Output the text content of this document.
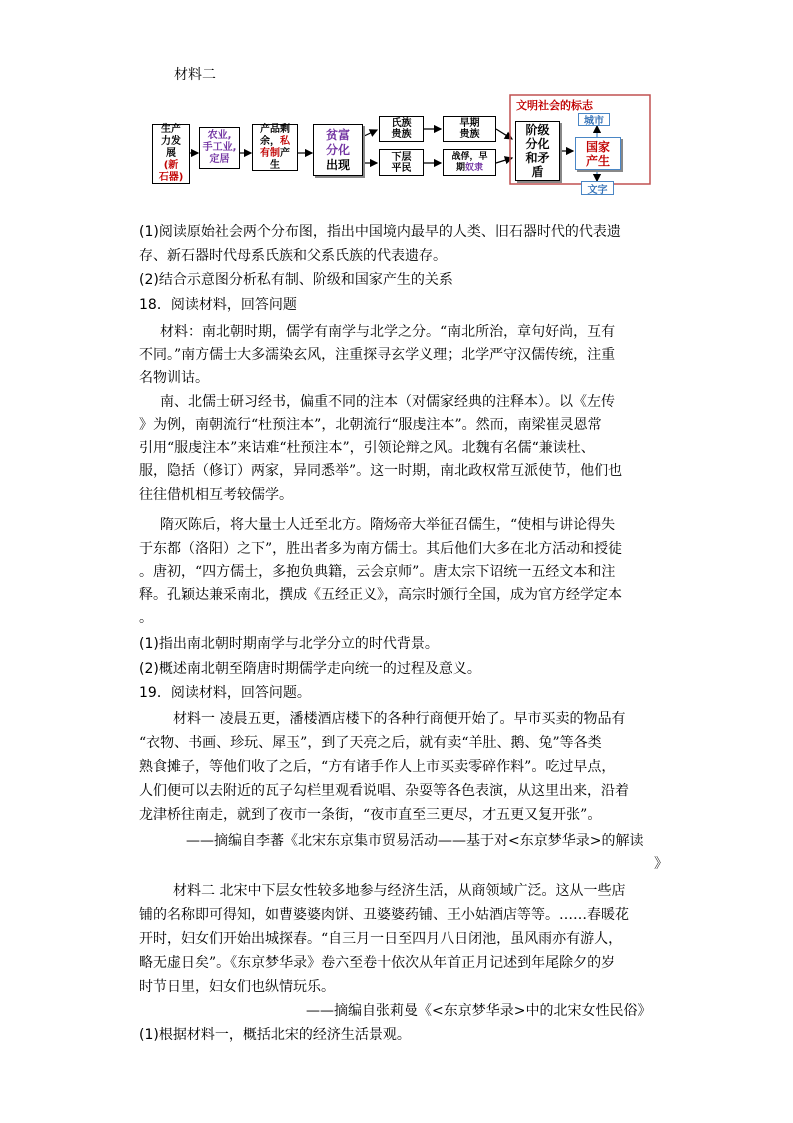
材料二
生产
力发
展
(新
石器)
农业,
手工业,
定居
产品剩
余，私
有制产
生
贫富
分化
出现
氏族
贵族
下层
平民
早期
贵族
战俘，早
期奴隶
文明社会的标志
阶级
分化
和矛
盾
城市
国家
产生
文字
(1)阅读原始社会两个分布图，指出中国境内最早的人类、旧石器时代的代表遗
存、新石器时代母系氏族和父系氏族的代表遗存。
(2)结合示意图分析私有制、阶级和国家产生的关系
18．阅读材料，回答问题
材料：南北朝时期，儒学有南学与北学之分。“南北所治，章句好尚，互有
不同。”南方儒士大多濡染玄风，注重探寻玄学义理；北学严守汉儒传统，注重
名物训诂。
南、北儒士研习经书，偏重不同的注本（对儒家经典的注释本）。以《左传
》为例，南朝流行“杜预注本”，北朝流行“服虔注本”。然而，南梁崔灵恩常
引用“服虔注本”来诘难“杜预注本”，引领论辩之风。北魏有名儒“兼读杜、
服，隐括（修订）两家，异同悉举”。这一时期，南北政权常互派使节，他们也
往往借机相互考较儒学。
隋灭陈后，将大量士人迁至北方。隋炀帝大举征召儒生，“使相与讲论得失
于东都（洛阳）之下”，胜出者多为南方儒士。其后他们大多在北方活动和授徒
。唐初，“四方儒士，多抱负典籍，云会京师”。唐太宗下诏统一五经文本和注
释。孔颖达兼采南北，撰成《五经正义》，高宗时颁行全国，成为官方经学定本
。
(1)指出南北朝时期南学与北学分立的时代背景。
(2)概述南北朝至隋唐时期儒学走向统一的过程及意义。
19．阅读材料，回答问题。
材料一 凌晨五更，潘楼酒店楼下的各种行商便开始了。早市买卖的物品有
“衣物、书画、珍玩、犀玉”，到了天亮之后，就有卖“羊肚、鹅、兔”等各类
熟食摊子，等他们收了之后，“方有诸手作人上市买卖零碎作料”。吃过早点，
人们便可以去附近的瓦子勾栏里观看说唱、杂耍等各色表演，从这里出来，沿着
龙津桥往南走，就到了夜市一条街，“夜市直至三更尽，才五更又复开张”。
——摘编自李蕃《北宋东京集市贸易活动——基于对<东京梦华录>的解读
》
材料二 北宋中下层女性较多地参与经济生活，从商领域广泛。这从一些店
铺的名称即可得知，如曹婆婆肉饼、丑婆婆药铺、王小姑酒店等等。……春暖花
开时，妇女们开始出城探春。“自三月一日至四月八日闭池，虽风雨亦有游人，
略无虚日矣”。《东京梦华录》卷六至卷十依次从年首正月记述到年尾除夕的岁
时节日里，妇女们也纵情玩乐。
——摘编自张莉曼《<东京梦华录>中的北宋女性民俗》
(1)根据材料一，概括北宋的经济生活景观。
